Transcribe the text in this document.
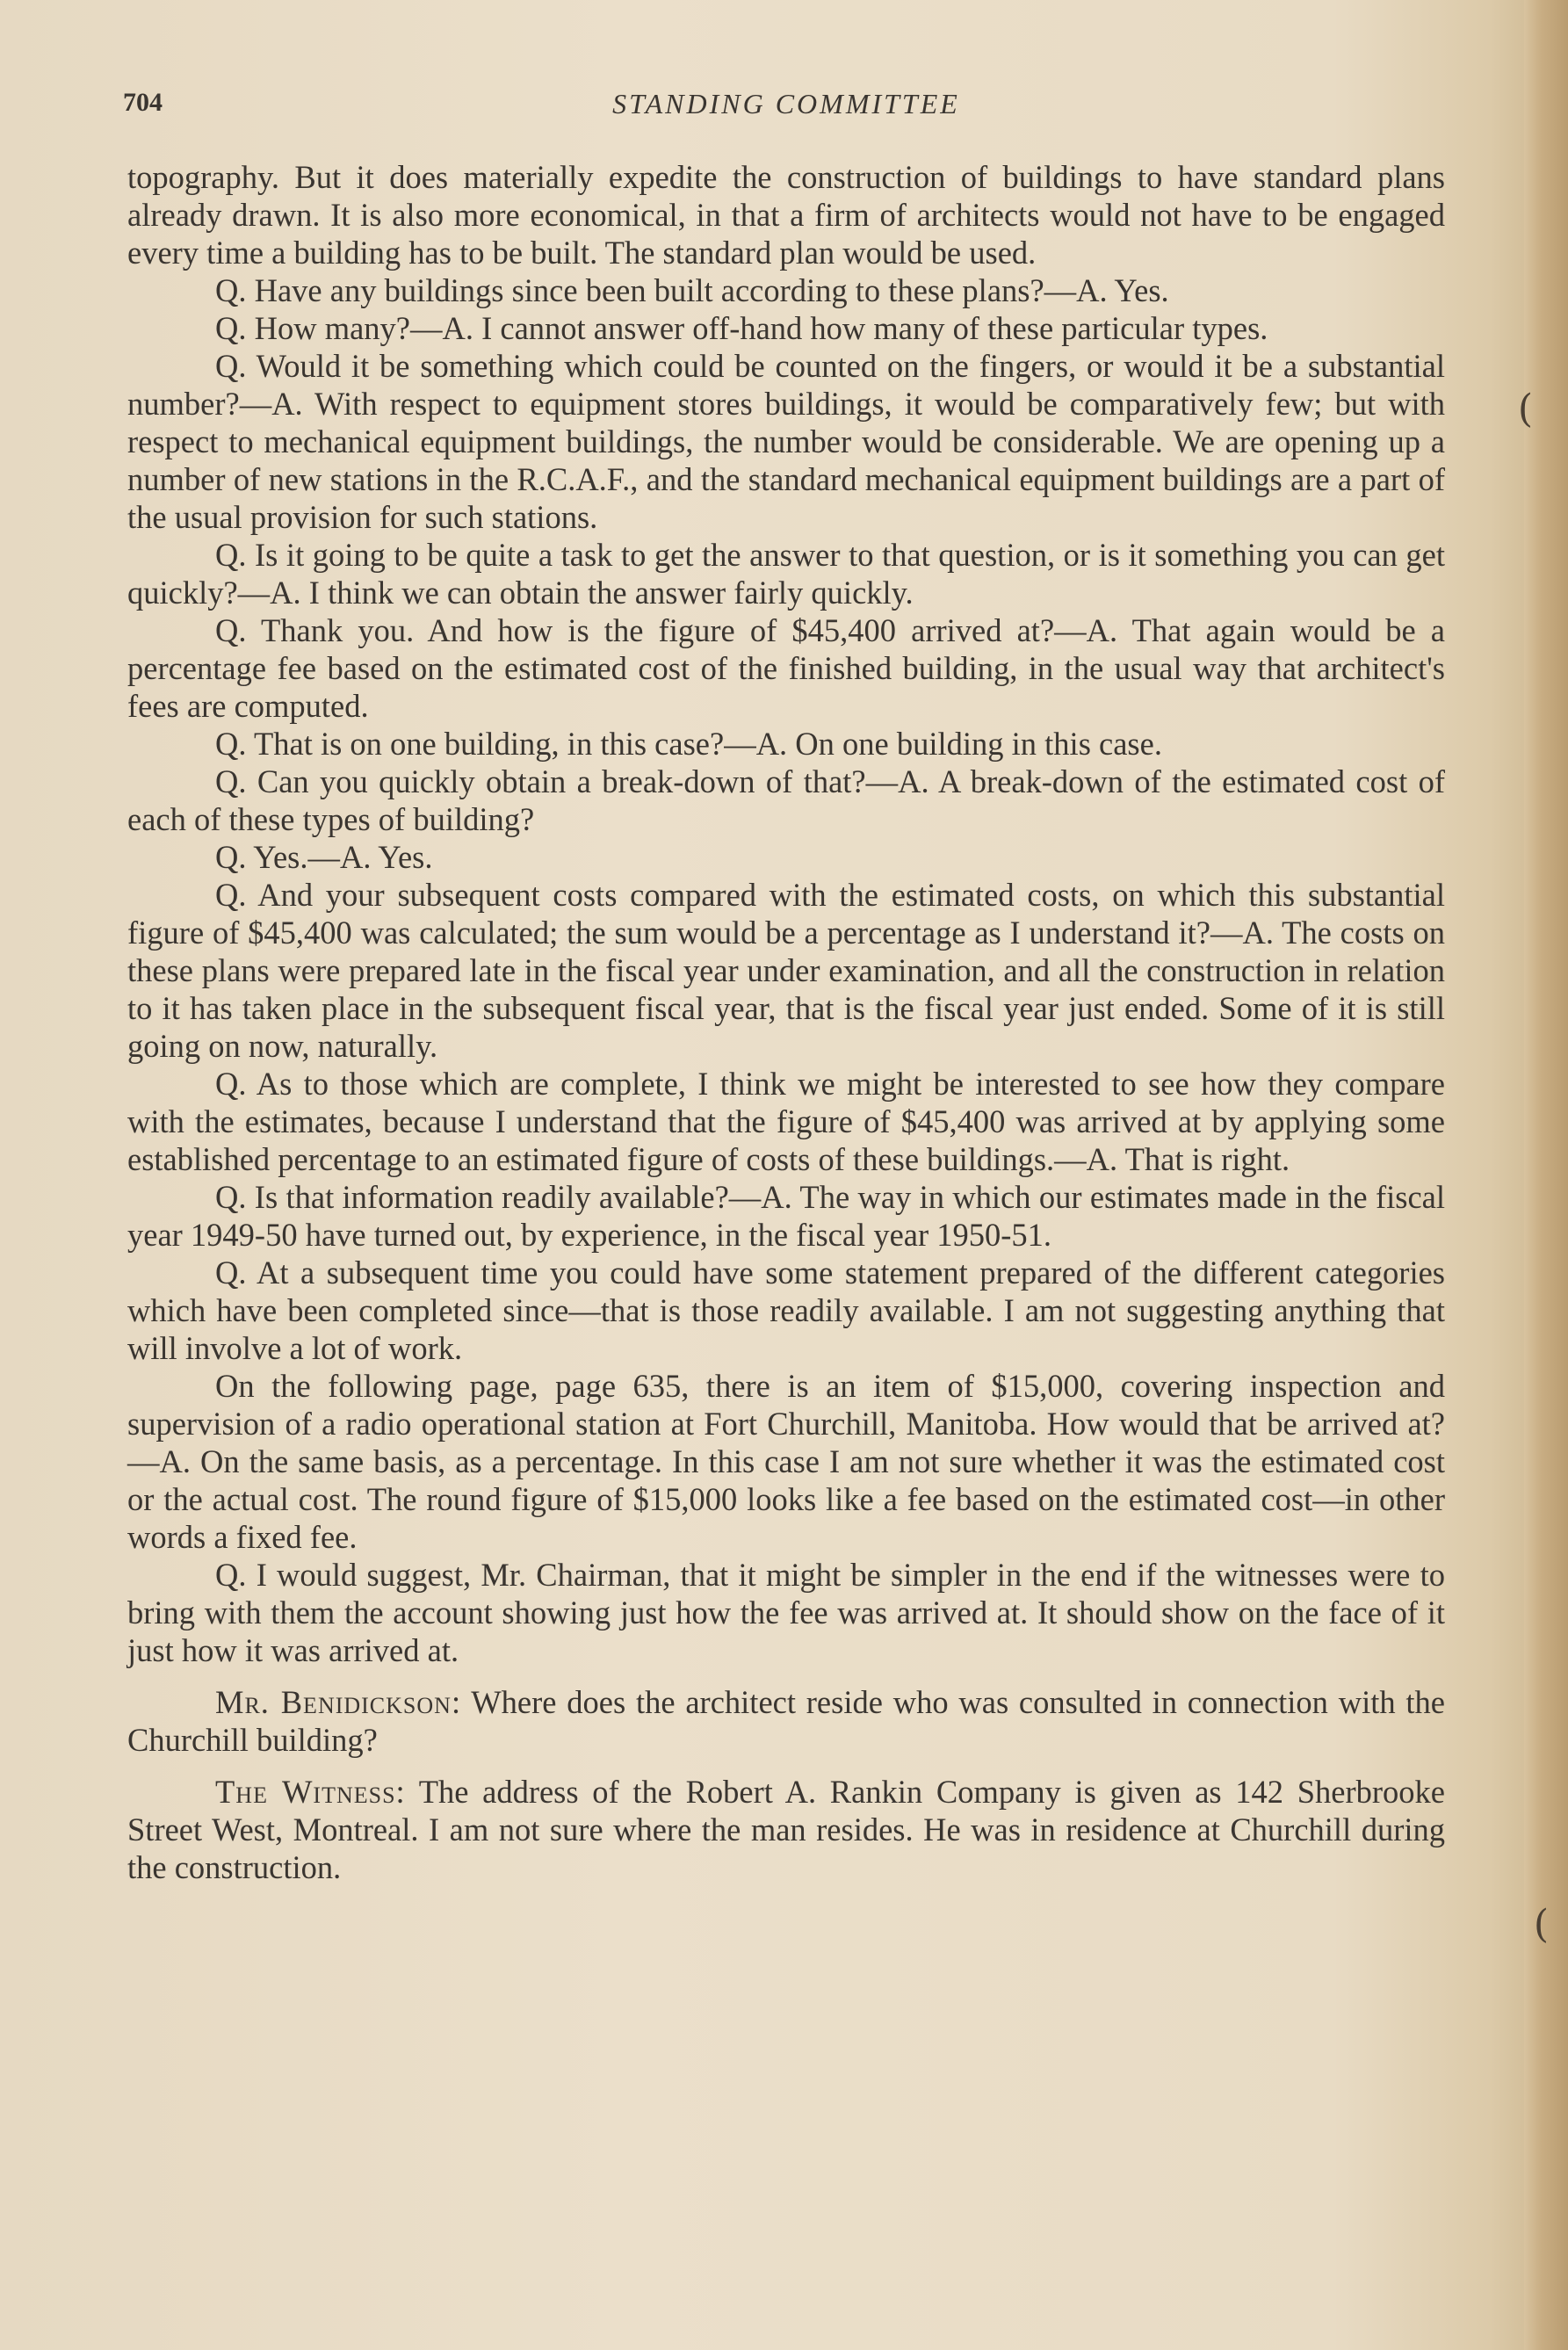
(
(
704	STANDING COMMITTEE

topography. But it does materially expedite the construction of buildings to have standard plans already drawn. It is also more economical, in that a firm of architects would not have to be engaged every time a building has to be built. The standard plan would be used.

Q. Have any buildings since been built according to these plans?—A. Yes.

Q. How many?—A. I cannot answer off-hand how many of these particular types.

Q. Would it be something which could be counted on the fingers, or would it be a substantial number?—A. With respect to equipment stores buildings, it would be comparatively few; but with respect to mechanical equipment buildings, the number would be considerable. We are opening up a number of new stations in the R.C.A.F., and the standard mechanical equipment buildings are a part of the usual provision for such stations.

Q. Is it going to be quite a task to get the answer to that question, or is it something you can get quickly?—A. I think we can obtain the answer fairly quickly.

Q. Thank you. And how is the figure of $45,400 arrived at?—A. That again would be a percentage fee based on the estimated cost of the finished building, in the usual way that architect's fees are computed.

Q. That is on one building, in this case?—A. On one building in this case.

Q. Can you quickly obtain a break-down of that?—A. A break-down of the estimated cost of each of these types of building?

Q. Yes.—A. Yes.

Q. And your subsequent costs compared with the estimated costs, on which this substantial figure of $45,400 was calculated; the sum would be a percentage as I understand it?—A. The costs on these plans were prepared late in the fiscal year under examination, and all the construction in relation to it has taken place in the subsequent fiscal year, that is the fiscal year just ended. Some of it is still going on now, naturally.

Q. As to those which are complete, I think we might be interested to see how they compare with the estimates, because I understand that the figure of $45,400 was arrived at by applying some established percentage to an estimated figure of costs of these buildings.—A. That is right.

Q. Is that information readily available?—A. The way in which our estimates made in the fiscal year 1949-50 have turned out, by experience, in the fiscal year 1950-51.

Q. At a subsequent time you could have some statement prepared of the different categories which have been completed since—that is those readily available. I am not suggesting anything that will involve a lot of work.

On the following page, page 635, there is an item of $15,000, covering inspection and supervision of a radio operational station at Fort Churchill, Manitoba. How would that be arrived at?—A. On the same basis, as a percentage. In this case I am not sure whether it was the estimated cost or the actual cost. The round figure of $15,000 looks like a fee based on the estimated cost—in other words a fixed fee.

Q. I would suggest, Mr. Chairman, that it might be simpler in the end if the witnesses were to bring with them the account showing just how the fee was arrived at. It should show on the face of it just how it was arrived at.

Mr. Benidickson: Where does the architect reside who was consulted in connection with the Churchill building?

The Witness: The address of the Robert A. Rankin Company is given as 142 Sherbrooke Street West, Montreal. I am not sure where the man resides. He was in residence at Churchill during the construction.
